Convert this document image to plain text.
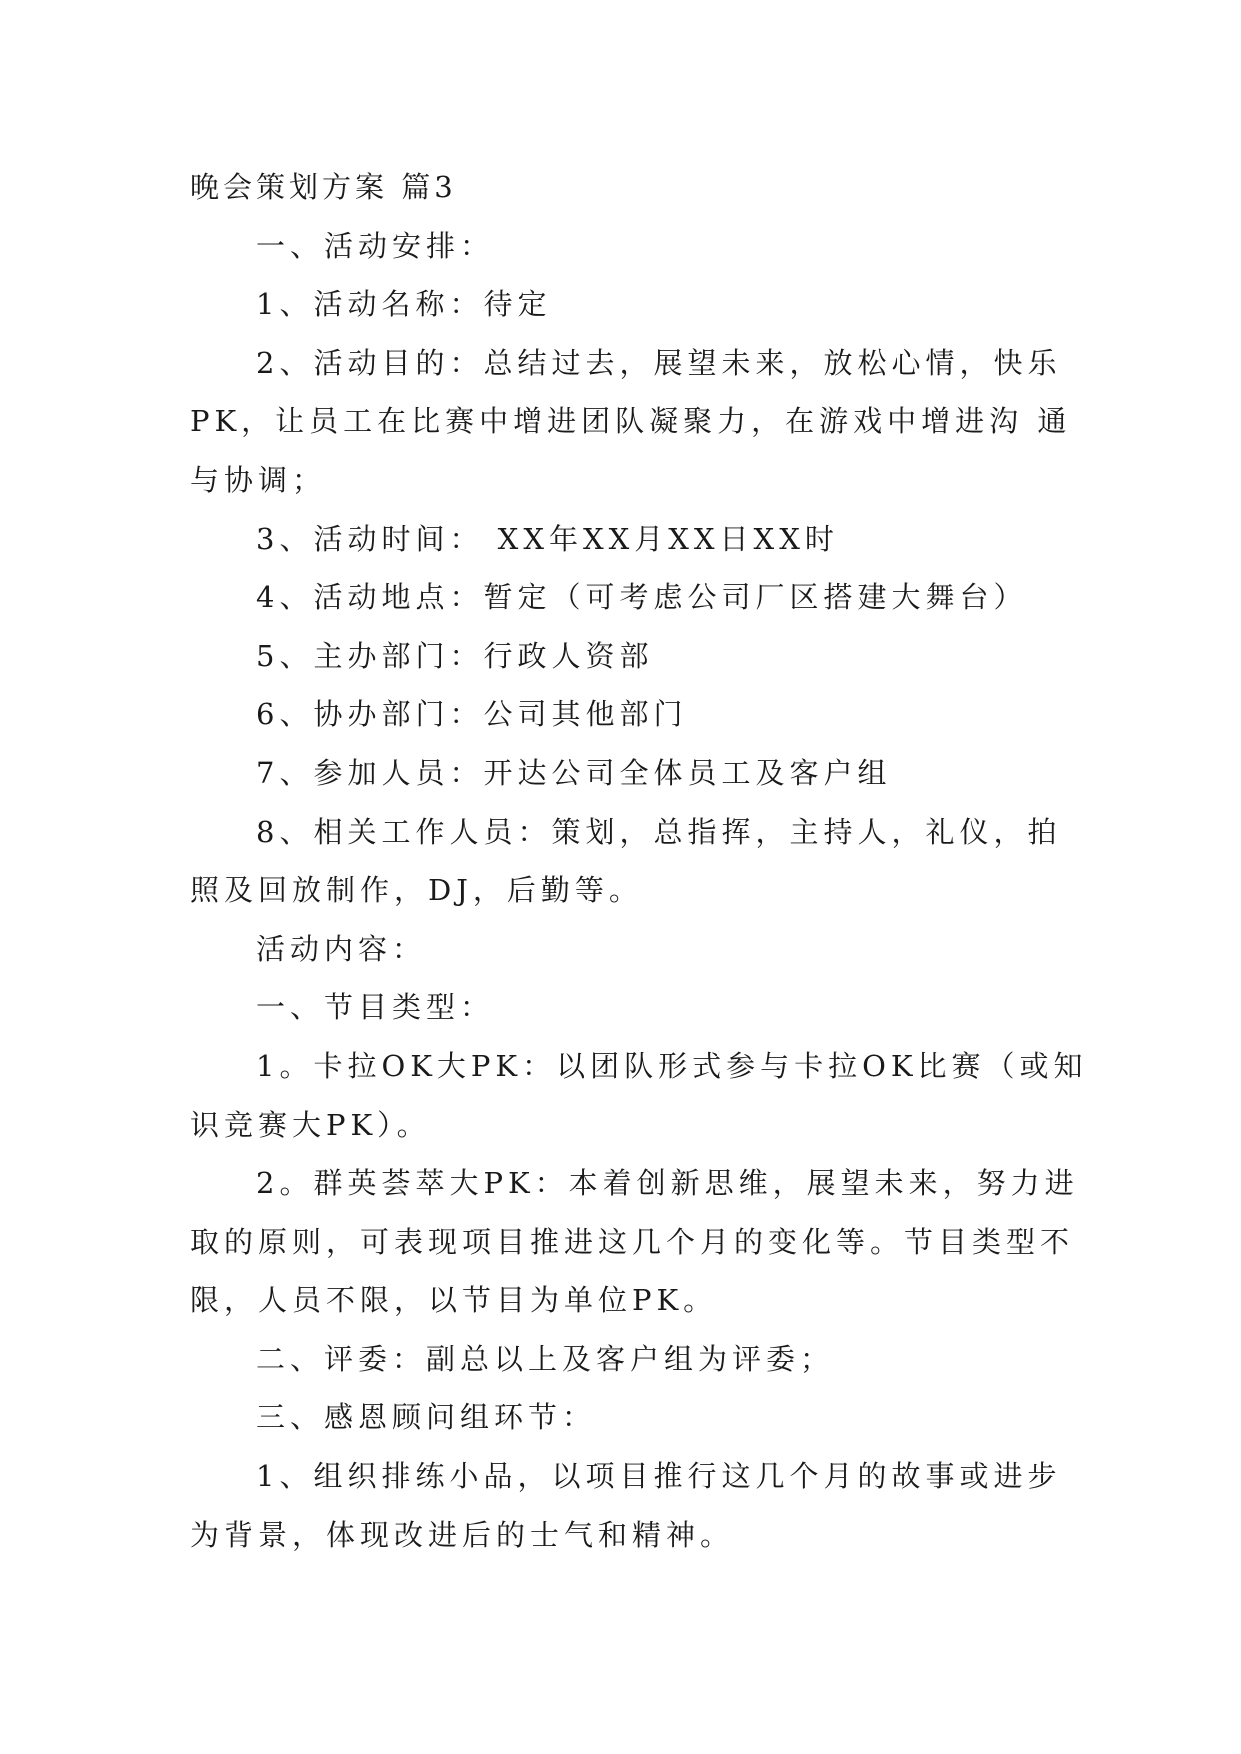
晚会策划方案 篇3
一、活动安排：
1、活动名称：待定
2、活动目的：总结过去，展望未来，放松心情，快乐
PK，让员工在比赛中增进团队凝聚力，在游戏中增进沟 通
与协调；
3、活动时间： XX年XX月XX日XX时
4、活动地点：暂定（可考虑公司厂区搭建大舞台）
5、主办部门：行政人资部
6、协办部门：公司其他部门
7、参加人员：开达公司全体员工及客户组
8、相关工作人员：策划，总指挥，主持人，礼仪，拍
照及回放制作，DJ，后勤等。
活动内容：
一、节目类型：
1。卡拉OK大PK：以团队形式参与卡拉OK比赛（或知
识竞赛大PK）。
2。群英荟萃大PK：本着创新思维，展望未来，努力进
取的原则，可表现项目推进这几个月的变化等。节目类型不
限，人员不限，以节目为单位PK。
二、评委：副总以上及客户组为评委；
三、感恩顾问组环节：
1、组织排练小品，以项目推行这几个月的故事或进步
为背景，体现改进后的士气和精神。
